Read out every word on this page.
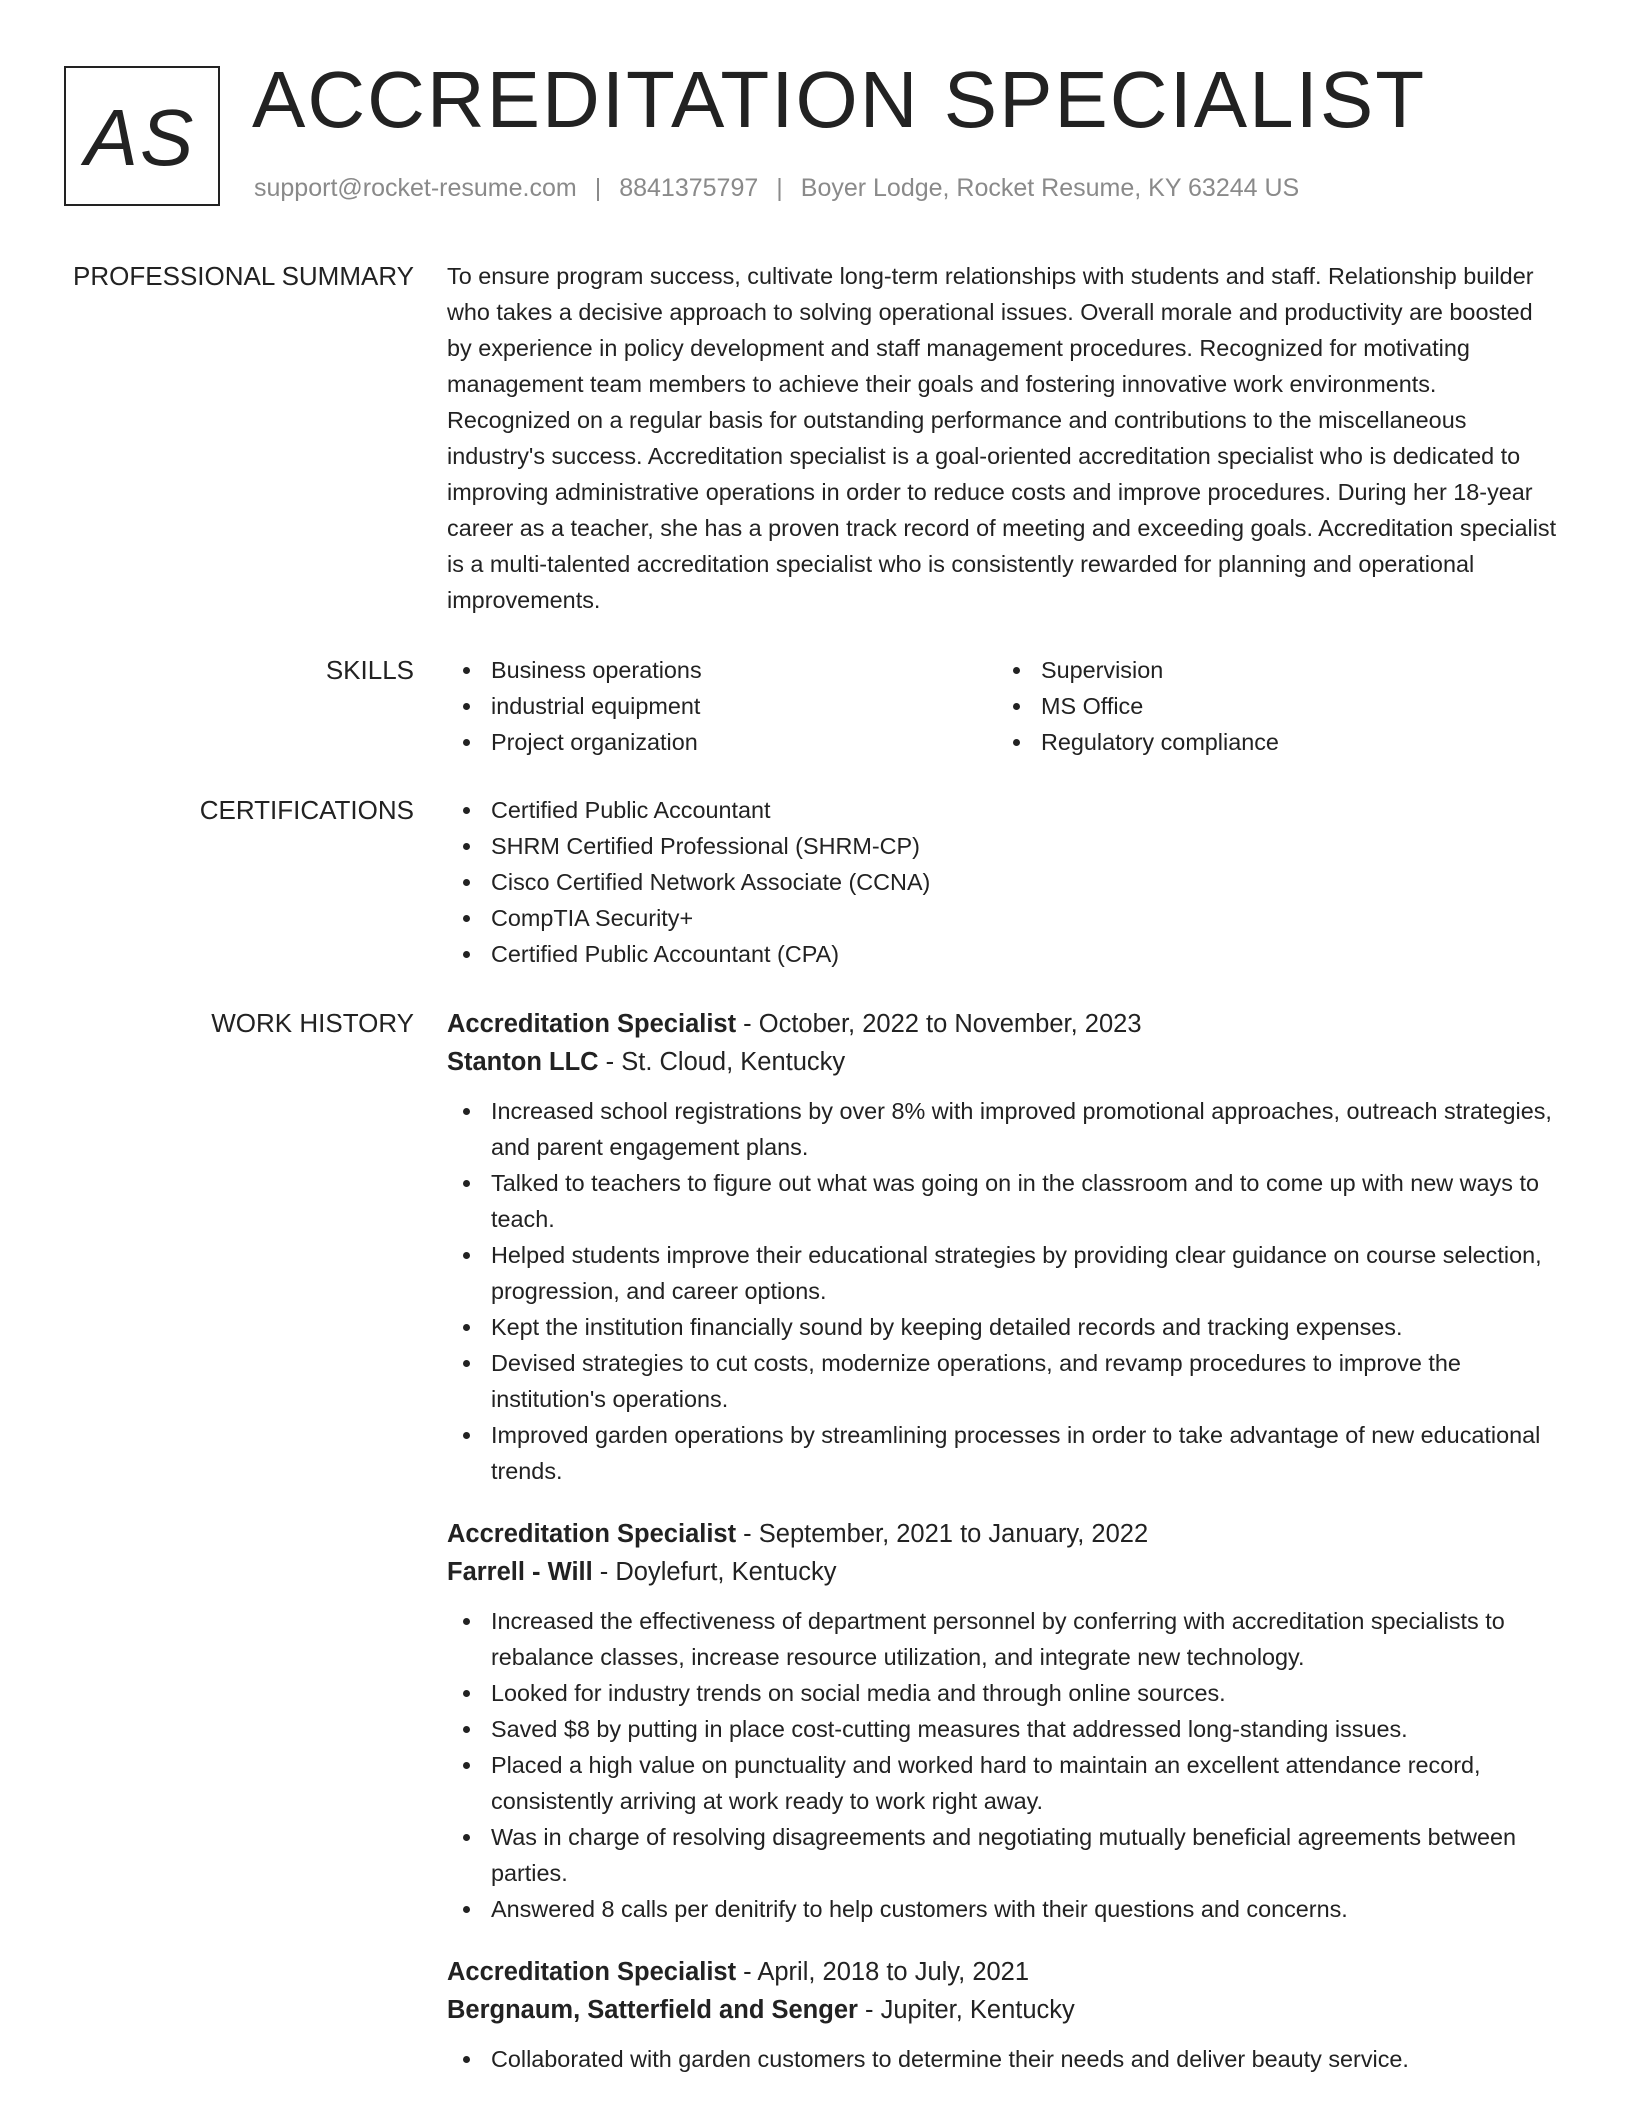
AS ACCREDITATION SPECIALIST
support@rocket-resume.com | 8841375797 | Boyer Lodge, Rocket Resume, KY 63244 US
PROFESSIONAL SUMMARY To ensure program success, cultivate long-term relationships with students and staff. Relationship builder who takes a decisive approach to solving operational issues. Overall morale and productivity are boosted by experience in policy development and staff management procedures. Recognized for motivating management team members to achieve their goals and fostering innovative work environments. Recognized on a regular basis for outstanding performance and contributions to the miscellaneous industry's success. Accreditation specialist is a goal-oriented accreditation specialist who is dedicated to improving administrative operations in order to reduce costs and improve procedures. During her 18-year career as a teacher, she has a proven track record of meeting and exceeding goals. Accreditation specialist is a multi-talented accreditation specialist who is consistently rewarded for planning and operational improvements.

SKILLS	Business operations
industrial equipment
Project organization
Supervision
MS Office
Regulatory compliance
CERTIFICATIONS	Certified Public Accountant
SHRM Certified Professional (SHRM-CP)
Cisco Certified Network Associate (CCNA)
CompTIA Security+
Certified Public Accountant (CPA)
WORK HISTORY Accreditation Specialist - October, 2022 to November, 2023

Stanton LLC - St. Cloud, Kentucky

Increased school registrations by over 8% with improved promotional approaches, outreach strategies, and parent engagement plans.
Talked to teachers to figure out what was going on in the classroom and to come up with new ways to teach.
Helped students improve their educational strategies by providing clear guidance on course selection, progression, and career options.
Kept the institution financially sound by keeping detailed records and tracking expenses.
Devised strategies to cut costs, modernize operations, and revamp procedures to improve the institution's operations.
Improved garden operations by streamlining processes in order to take advantage of new educational trends.

Accreditation Specialist - September, 2021 to January, 2022

Farrell - Will - Doylefurt, Kentucky

Increased the effectiveness of department personnel by conferring with accreditation specialists to rebalance classes, increase resource utilization, and integrate new technology.
Looked for industry trends on social media and through online sources.
Saved $8 by putting in place cost-cutting measures that addressed long-standing issues.
Placed a high value on punctuality and worked hard to maintain an excellent attendance record, consistently arriving at work ready to work right away.
Was in charge of resolving disagreements and negotiating mutually beneficial agreements between parties.
Answered 8 calls per denitrify to help customers with their questions and concerns.

Accreditation Specialist - April, 2018 to July, 2021

Bergnaum, Satterfield and Senger - Jupiter, Kentucky

Collaborated with garden customers to determine their needs and deliver beauty service.
